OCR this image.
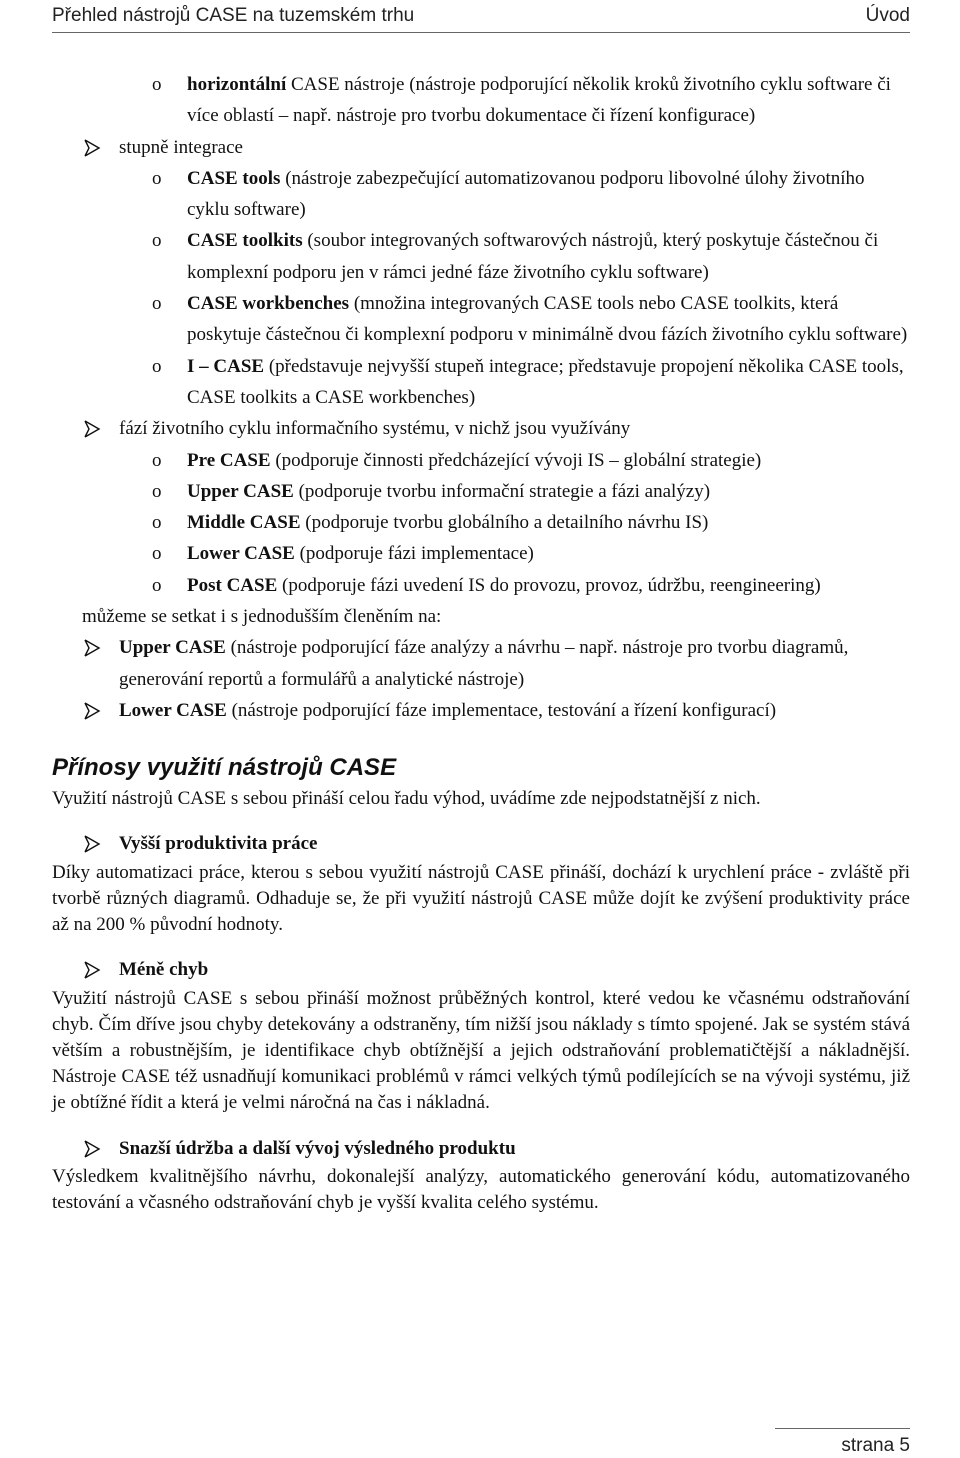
Přehled nástrojů CASE na tuzemském trhu	Úvod
o horizontální CASE nástroje (nástroje podporující několik kroků životního cyklu software či více oblastí – např. nástroje pro tvorbu dokumentace či řízení konfigurace)
stupně integrace
o CASE tools (nástroje zabezpečující automatizovanou podporu libovolné úlohy životního cyklu software)
o CASE toolkits (soubor integrovaných softwarových nástrojů, který poskytuje částečnou či komplexní podporu jen v rámci jedné fáze životního cyklu software)
o CASE workbenches (množina integrovaných CASE tools nebo CASE toolkits, která poskytuje částečnou či komplexní podporu v minimálně dvou fázích životního cyklu software)
o I – CASE (představuje nejvyšší stupeň integrace; představuje propojení několika CASE tools, CASE toolkits a CASE workbenches)
fází životního cyklu informačního systému, v nichž jsou využívány
o Pre CASE (podporuje činnosti předcházející vývoji IS – globální strategie)
o Upper CASE (podporuje tvorbu informační strategie a fázi analýzy)
o Middle CASE (podporuje tvorbu globálního a detailního návrhu IS)
o Lower CASE (podporuje fázi implementace)
o Post CASE (podporuje fázi uvedení IS do provozu, provoz, údržbu, reengineering)
můžeme se setkat i s jednodušším členěním na:
Upper CASE (nástroje podporující fáze analýzy a návrhu – např. nástroje pro tvorbu diagramů, generování reportů a formulářů a analytické nástroje)
Lower CASE (nástroje podporující fáze implementace, testování a řízení konfigurací)
Přínosy využití nástrojů CASE
Využití nástrojů CASE s sebou přináší celou řadu výhod, uvádíme zde nejpodstatnější z nich.
Vyšší produktivita práce
Díky automatizaci práce, kterou s sebou využití nástrojů CASE přináší, dochází k urychlení práce - zvláště při tvorbě různých diagramů. Odhaduje se, že při využití nástrojů CASE může dojít ke zvýšení produktivity práce až na 200 % původní hodnoty.
Méně chyb
Využití nástrojů CASE s sebou přináší možnost průběžných kontrol, které vedou ke včasnému odstraňování chyb. Čím dříve jsou chyby detekovány a odstraněny, tím nižší jsou náklady s tímto spojené. Jak se systém stává větším a robustnějším, je identifikace chyb obtížnější a jejich odstraňování problematičtější a nákladnější. Nástroje CASE též usnadňují komunikaci problémů v rámci velkých týmů podílejících se na vývoji systému, již je obtížné řídit a která je velmi náročná na čas i nákladná.
Snazší údržba a další vývoj výsledného produktu
Výsledkem kvalitnějšího návrhu, dokonalejší analýzy, automatického generování kódu, automatizovaného testování a včasného odstraňování chyb je vyšší kvalita celého systému.
strana 5
